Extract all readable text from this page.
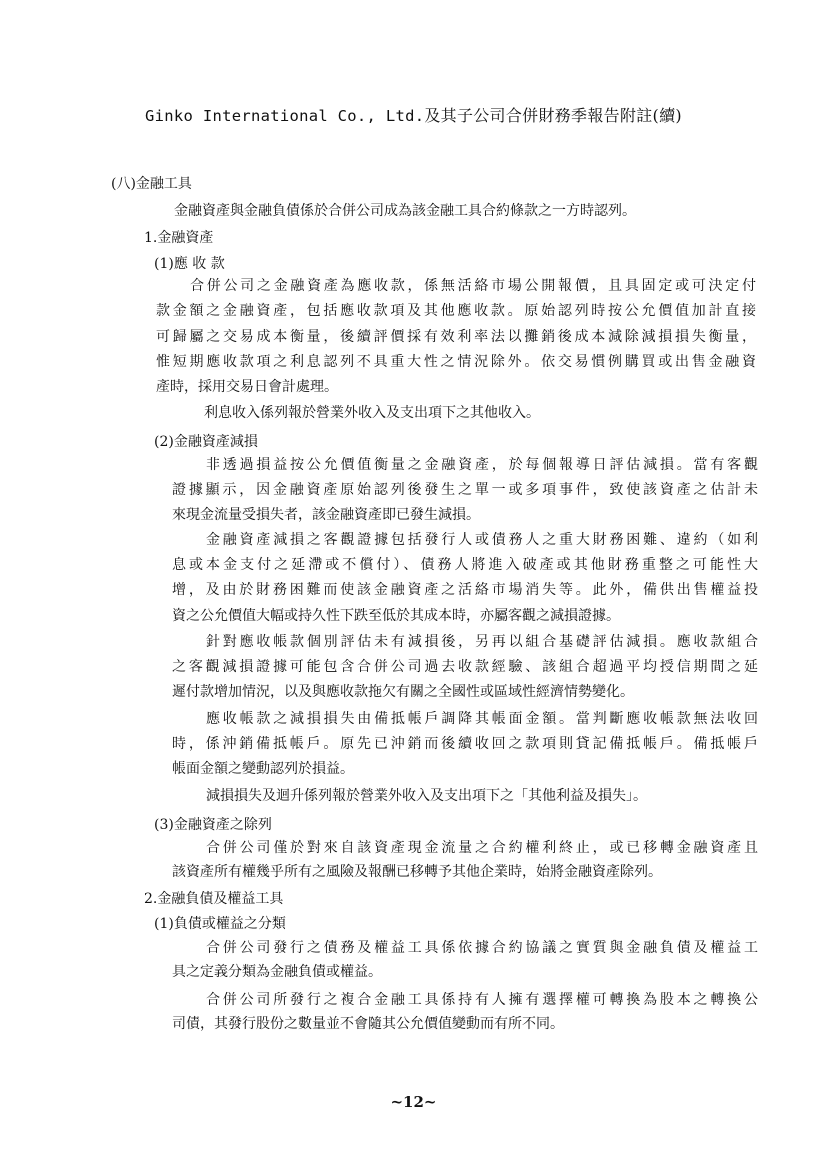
Ginko International Co., Ltd.及其子公司合併財務季報告附註(續)
(八)金融工具
金融資產與金融負債係於合併公司成為該金融工具合約條款之一方時認列。
1.金融資產
(1)應 收 款
合併公司之金融資產為應收款，係無活絡市場公開報價，且具固定或可決定付
款金額之金融資產，包括應收款項及其他應收款。原始認列時按公允價值加計直接
可歸屬之交易成本衡量，後續評價採有效利率法以攤銷後成本減除減損損失衡量，
惟短期應收款項之利息認列不具重大性之情況除外。依交易慣例購買或出售金融資
產時，採用交易日會計處理。
利息收入係列報於營業外收入及支出項下之其他收入。
(2)金融資產減損
非透過損益按公允價值衡量之金融資產，於每個報導日評估減損。當有客觀
證據顯示，因金融資產原始認列後發生之單一或多項事件，致使該資產之估計未
來現金流量受損失者，該金融資產即已發生減損。
金融資產減損之客觀證據包括發行人或債務人之重大財務困難、違約（如利
息或本金支付之延滯或不償付）、債務人將進入破產或其他財務重整之可能性大
增，及由於財務困難而使該金融資產之活絡市場消失等。此外，備供出售權益投
資之公允價值大幅或持久性下跌至低於其成本時，亦屬客觀之減損證據。
針對應收帳款個別評估未有減損後，另再以組合基礎評估減損。應收款組合
之客觀減損證據可能包含合併公司過去收款經驗、該組合超過平均授信期間之延
遲付款增加情況，以及與應收款拖欠有關之全國性或區域性經濟情勢變化。
應收帳款之減損損失由備抵帳戶調降其帳面金額。當判斷應收帳款無法收回
時，係沖銷備抵帳戶。原先已沖銷而後續收回之款項則貸記備抵帳戶。備抵帳戶
帳面金額之變動認列於損益。
減損損失及迴升係列報於營業外收入及支出項下之「其他利益及損失」。
(3)金融資產之除列
合併公司僅於對來自該資產現金流量之合約權利終止，或已移轉金融資產且
該資產所有權幾乎所有之風險及報酬已移轉予其他企業時，始將金融資產除列。
2.金融負債及權益工具
(1)負債或權益之分類
合併公司發行之債務及權益工具係依據合約協議之實質與金融負債及權益工
具之定義分類為金融負債或權益。
合併公司所發行之複合金融工具係持有人擁有選擇權可轉換為股本之轉換公
司債，其發行股份之數量並不會隨其公允價值變動而有所不同。
~12~
